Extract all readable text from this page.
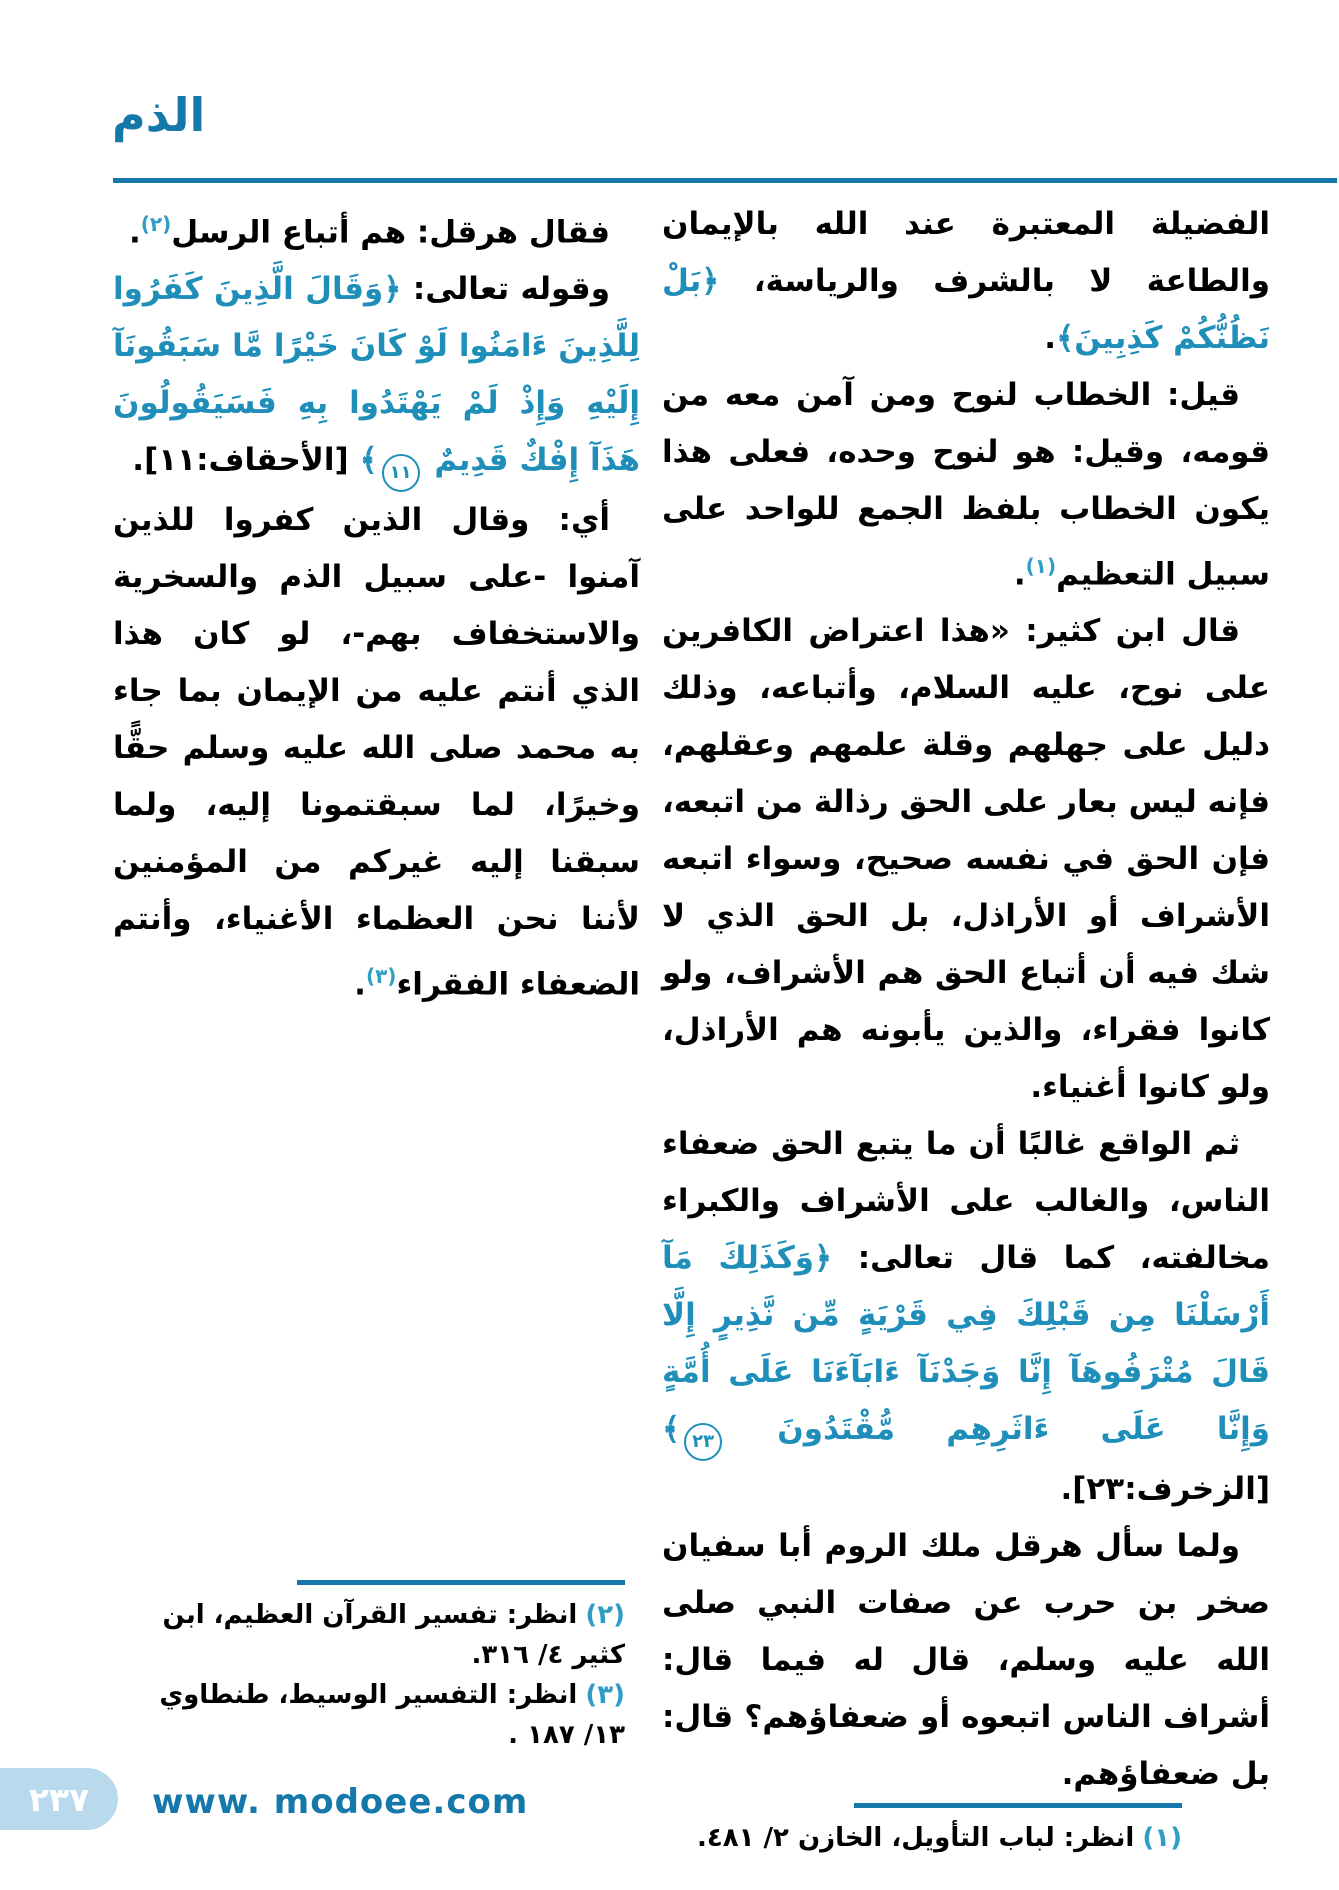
الذم
الفضيلة المعتبرة عند الله بالإيمان والطاعة لا بالشرف والرياسة، ﴿بَلْ نَظُنُّكُمْ كَذِبِينَ﴾.
قيل: الخطاب لنوح ومن آمن معه من قومه، وقيل: هو لنوح وحده، فعلى هذا يكون الخطاب بلفظ الجمع للواحد على سبيل التعظيم$^{(١)}$.
قال ابن كثير: «هذا اعتراض الكافرين على نوح، عليه السلام، وأتباعه، وذلك دليل على جهلهم وقلة علمهم وعقلهم، فإنه ليس بعار على الحق رذالة من اتبعه، فإن الحق في نفسه صحيح، وسواء اتبعه الأشراف أو الأراذل، بل الحق الذي لا شك فيه أن أتباع الحق هم الأشراف، ولو كانوا فقراء، والذين يأبونه هم الأراذل، ولو كانوا أغنياء.
ثم الواقع غالبًا أن ما يتبع الحق ضعفاء الناس، والغالب على الأشراف والكبراء مخالفته، كما قال تعالى: ﴿وَكَذَلِكَ مَآ أَرْسَلْنَا مِن قَبْلِكَ فِي قَرْيَةٍ مِّن نَّذِيرٍ إِلَّا قَالَ مُتْرَفُوهَآ إِنَّا وَجَدْنَآ ءَابَآءَنَا عَلَى أُمَّةٍ وَإِنَّا عَلَى ءَاثَرِهِم مُّقْتَدُونَ ٢٣﴾ [الزخرف:٢٣].
ولما سأل هرقل ملك الروم أبا سفيان صخر بن حرب عن صفات النبي صلى الله عليه وسلم، قال له فيما قال: أشراف الناس اتبعوه أو ضعفاؤهم؟ قال: بل ضعفاؤهم.
(١)انظر: لباب التأويل، الخازن ٢/ ٤٨١.
فقال هرقل: هم أتباع الرسل$^{(٢)}$.
وقوله تعالى: ﴿وَقَالَ الَّذِينَ كَفَرُوا لِلَّذِينَ ءَامَنُوا لَوْ كَانَ خَيْرًا مَّا سَبَقُونَآ إِلَيْهِ وَإِذْ لَمْ يَهْتَدُوا بِهِ فَسَيَقُولُونَ هَذَآ إِفْكٌ قَدِيمٌ ١١﴾ [الأحقاف:١١].
أي: وقال الذين كفروا للذين آمنوا -على سبيل الذم والسخرية والاستخفاف بهم-، لو كان هذا الذي أنتم عليه من الإيمان بما جاء به محمد صلى الله عليه وسلم حقًّا وخيرًا، لما سبقتمونا إليه، ولما سبقنا إليه غيركم من المؤمنين لأننا نحن العظماء الأغنياء، وأنتم الضعفاء الفقراء$^{(٣)}$.
(٢)انظر: تفسير القرآن العظيم، ابن كثير ٤/ ٣١٦.
(٣)انظر: التفسير الوسيط، طنطاوي ١٣/ ١٨٧ .
٢٣٧ www. modoee.com
